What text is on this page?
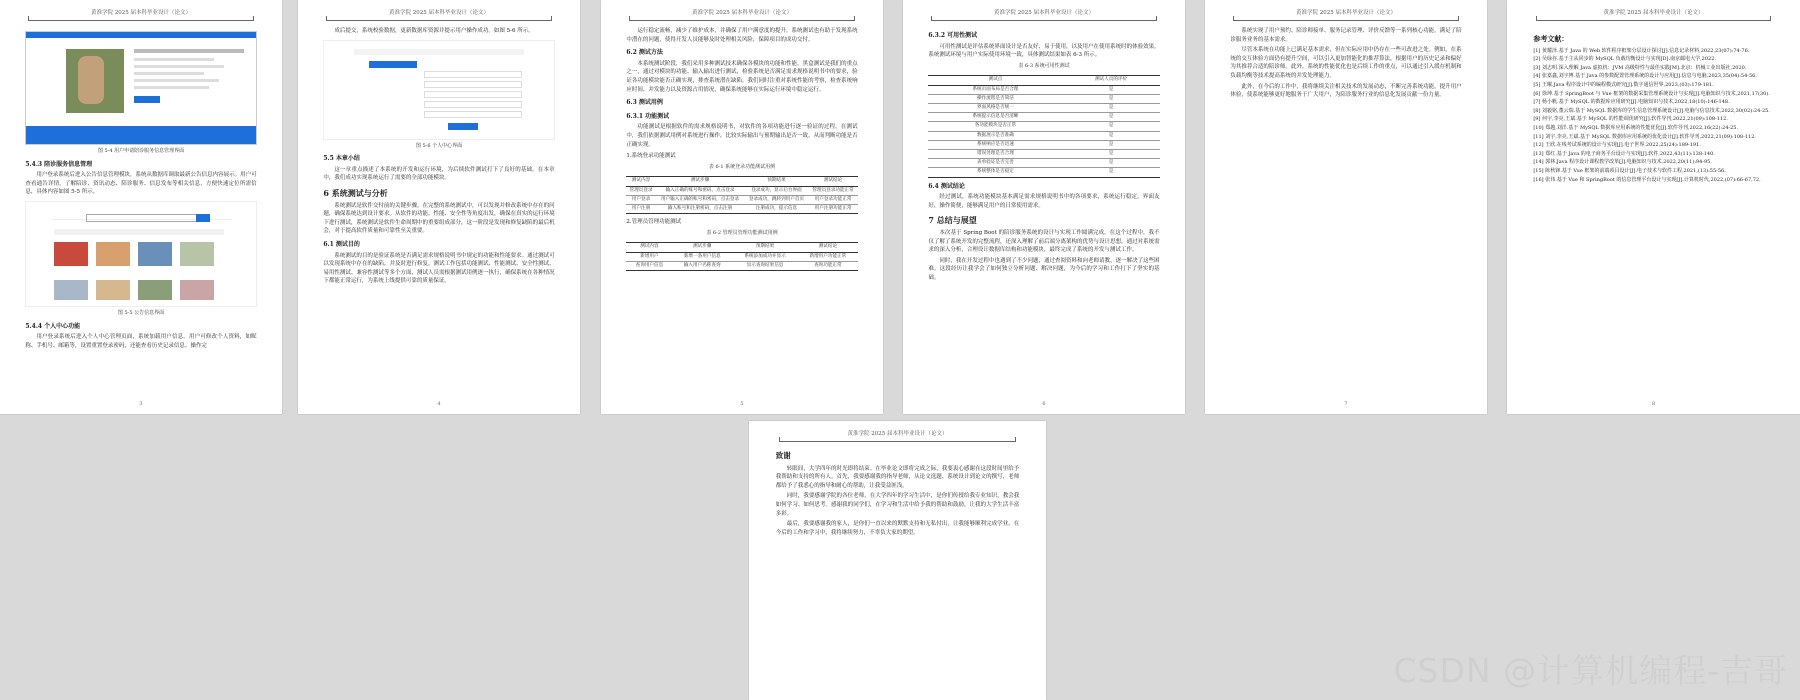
黄淮学院 2025 届本科毕业设计（论文）
图 5-4 用户申请陪诊服务信息管理界面
5.4.3 陪诊服务信息管理

用户登录系统后进入公告信息管理模块，系统从数据库调取最新公告信息内容展示。用户可查看通告详情，了解陪诊、资讯动态、陪诊服务、信息发布等相关信息，方便快速定位所需信息，具体内容如图 5-5 所示。

图 5-5 公告信息界面
5.4.4 个人中心功能

用户登录系统后进入个人中心管理页面，系统加载用户信息。用户可修改个人资料，如昵称、手机号、邮箱等，设置重置登录密码，还能查看历史记录信息。操作完

3
黄淮学院 2025 届本科毕业设计（论文）

成后提交，系统校验数据，更新数据库资源并提示用户操作成功。如图 5-6 所示。

图 5-6 个人中心界面
5.5 本章小结

这一章重点描述了本系统的开发和运行环境，为后续软件测试打下了良好的基础。在本章中，我们成功实现系统运行了需要的全部功能模块。

6 系统测试与分析

系统测试是软件交付前的关键步骤。在完整的系统测试中，可以发现并修改系统中存在的问题，确保系统达到设计要求。从软件的功能、性能、安全性等角度出发，确保在真实的运行环境下进行测试，系统测试是软件生命周期中的重要组成部分，这一阶段是发现和修复缺陷的最后机会，对于提高软件质量和可靠性至关重要。

6.1 测试目的

系统测试的目的是验证系统是否满足需求规格说明书中规定的功能和性能要求。通过测试可以发现系统中存在的缺陷，并及时进行修复。测试工作包括功能测试、性能测试、安全性测试、易用性测试、兼容性测试等多个方面，测试人员需根据测试用例逐一执行，确保系统在各种情况下都能正常运行，为系统上线提供可靠的质量保证。

4
黄淮学院 2025 届本科毕业设计（论文）

运行稳定流畅，减少了维护成本，并确保了用户满意度的提升。系统测试也有助于发现系统中潜在的问题，使得开发人员能够及时处理相关风险，保障项目的成功交付。

6.2 测试方法

本系统测试阶段，我们采用多种测试技术确保各模块的功能和性能。黑盒测试是我们的重点之一，通过对模块的功能、输入输出进行测试，检验系统是否满足需求规格说明书中的要求，验证各功能模块能否正确实现，排查系统潜在缺陷。我们同时注重对系统性能的考察，检查系统响应时间、并发能力以及资源占用情况，确保系统能够在实际运行环境中稳定运行。

6.3 测试用例
6.3.1 功能测试

功能测试是根据软件的需求规格说明书，对软件的各项功能进行逐一验证的过程。在测试中，我们依据测试用例对系统进行操作，比较实际输出与预期输出是否一致，从而判断功能是否正确实现。

1.系统登录功能测试
表 6-1 系统登录功能测试用例
测试内容	测试步骤	预期结果	测试结论
管理员登录	输入正确的账号和密码，点击登录	登录成功，显示后台界面	管理员登录功能正常
用户登录	用户输入正确的账号和密码，点击登录	登录成功，跳转到用户首页	用户登录功能正常
用户注册	输入账号和注册密码，点击注册	注册成功，提示信息	用户注册功能正常
2.管理员管理功能测试
表 6-2 管理员管理功能测试用例
测试内容	测试步骤	预期结果	测试结论
新增用户	新增一条用户信息	系统添加成功并显示	新增用户功能正常
查询用户信息	输入用户名称查询	显示查询结果信息	查询功能正常
5
黄淮学院 2025 届本科毕业设计（论文）
6.3.2 可用性测试

可用性测试是评估系统界面设计是否友好、易于使用，以及用户在使用系统时的体验效果。系统测试环境与用户实际使用环境一致，具体测试结果如表 6-3 所示。

表 6-3 系统可用性测试
测试点	测试人员的评价
系统页面布局是否合理	是
操作流程是否简洁	是
界面风格是否统一	是
系统提示信息是否清晰	是
各功能模块是否正常	是
数据展示是否准确	是
系统响应是否迅速	是
错误处理是否合理	是
表单验证是否完善	是
系统整体是否稳定	是
6.4 测试结论

经过测试，系统功能模块基本满足需求规格说明书中的各项要求，系统运行稳定，界面友好，操作简便，能够满足用户的日常使用需求。

7 总结与展望

本次基于 Spring Boot 的陪诊服务系统的设计与实现工作圆满完成。在这个过程中，我不仅了解了系统开发的完整流程，还深入理解了前后端分离架构的优势与设计思想。通过对系统需求的深入分析，合理设计数据库结构和功能模块，最终完成了系统的开发与测试工作。

同时，我在开发过程中也遇到了不少问题，通过查阅资料和向老师请教，逐一解决了这些困难。这段经历让我学会了如何独立分析问题、解决问题，为今后的学习和工作打下了坚实的基础。

6
黄淮学院 2025 届本科毕业设计（论文）

系统实现了用户预约、陪诊师接单、服务记录管理、评价反馈等一系列核心功能，满足了陪诊服务业务的基本需求。

尽管本系统在功能上已满足基本需求，但在实际应用中仍存在一些可改进之处。例如，在系统的交互体验方面仍有提升空间，可以引入更加智能化的推荐算法，根据用户的历史记录和偏好为其推荐合适的陪诊师。此外，系统的性能优化也是后续工作的重点，可以通过引入缓存机制和负载均衡等技术提高系统的并发处理能力。

此外，在今后的工作中，我将继续关注相关技术的发展动态，不断完善系统功能，提升用户体验，使系统能够更好地服务于广大用户，为陪诊服务行业的信息化发展贡献一份力量。

7
黄淮学院 2025 届本科毕业设计（论文）
参考文献：
[1] 黄耀泽.基于 Java 的 Web 软件程序框架分层设计探讨[J].信息记录材料,2022,23(07):74-76.
[2] 吴绿谷.基于主从同步的 MySQL 负载均衡设计与实现[D].南京邮电大学,2022.
[3] 刘志明.深入理解 Java 虚拟机：JVM 高级特性与最佳实践[M].北京：机械工业出版社,2020.
[4] 张嘉鑫,刘宇博.基于 Java 的参数配置管理系统的设计与应用[J].信息与电脑,2023,35(04):54-56.
[5] 王曜.Java 程序设计中的编程模式研究[J].数字通信世界,2023,(03):179-181.
[6] 徐坤.基于 SpringBoot 与 Vue 框架的数据采集管理系统设计与实现[J].电脑知识与技术,2021,17(30).
[7] 杨小帆.基于 MySQL 的数据库应用研究[J].电脑知识与技术,2022,18(10):146-148.
[8] 刘毅铭,董云瑞.基于 MySQL 数据库的学生信息管理系统设计[J].电脑与信息技术,2022,30(02):24-25.
[9] 何宇,李亮,王斌.基于 MySQL 的性能调优研究[J].软件导刊,2022,21(09):108-112.
[10] 郑越,刘洋.基于 MySQL 数据库应用系统的性能优化[J].软件导刊,2022,16(22):24-25.
[11] 刘宇,李亮,王斌.基于 MySQL 数据库应用系统的优化设计[J].软件导刊,2022,21(09):108-112.
[12] 王欣.在线考试系统的设计与实现[J].电子世界,2022,25(24):189-191.
[13] 郑红.基于 Java 的电子商务平台设计与实现[J].软件,2022,43(11):138-140.
[14] 郭林.Java 程序设计课程教学改革[J].电脑知识与技术,2022,20(11):94-95.
[15] 陈秋锋.基于 Vue 框架的前端项目设计[J].电子技术与软件工程,2021,(13):55-56.
[16] 张伟.基于 Vue 和 SpringBoot 的信息管理平台设计与实现[J].计算机时代,2022,(07):66-67,72.
8
黄淮学院 2025 届本科毕业设计（论文）
致谢

转眼间，大学四年的时光即将结束。在毕业论文即将完成之际，我要衷心感谢在这段时间里给予我帮助和支持的所有人。首先，我要感谢我的指导老师，从论文选题、系统设计到论文的撰写，老师都给予了我悉心的指导和耐心的帮助，让我受益匪浅。

同时，我要感谢学院的各位老师，在大学四年的学习生活中，是你们传授给我专业知识，教会我如何学习、如何思考。感谢我的同学们，在学习和生活中给予我的帮助和鼓励，让我的大学生活丰富多彩。

最后，我要感谢我的家人，是你们一直以来的默默支持和无私付出，让我能够顺利完成学业。在今后的工作和学习中，我将继续努力，不辜负大家的期望。

CSDN @计算机编程-吉哥
